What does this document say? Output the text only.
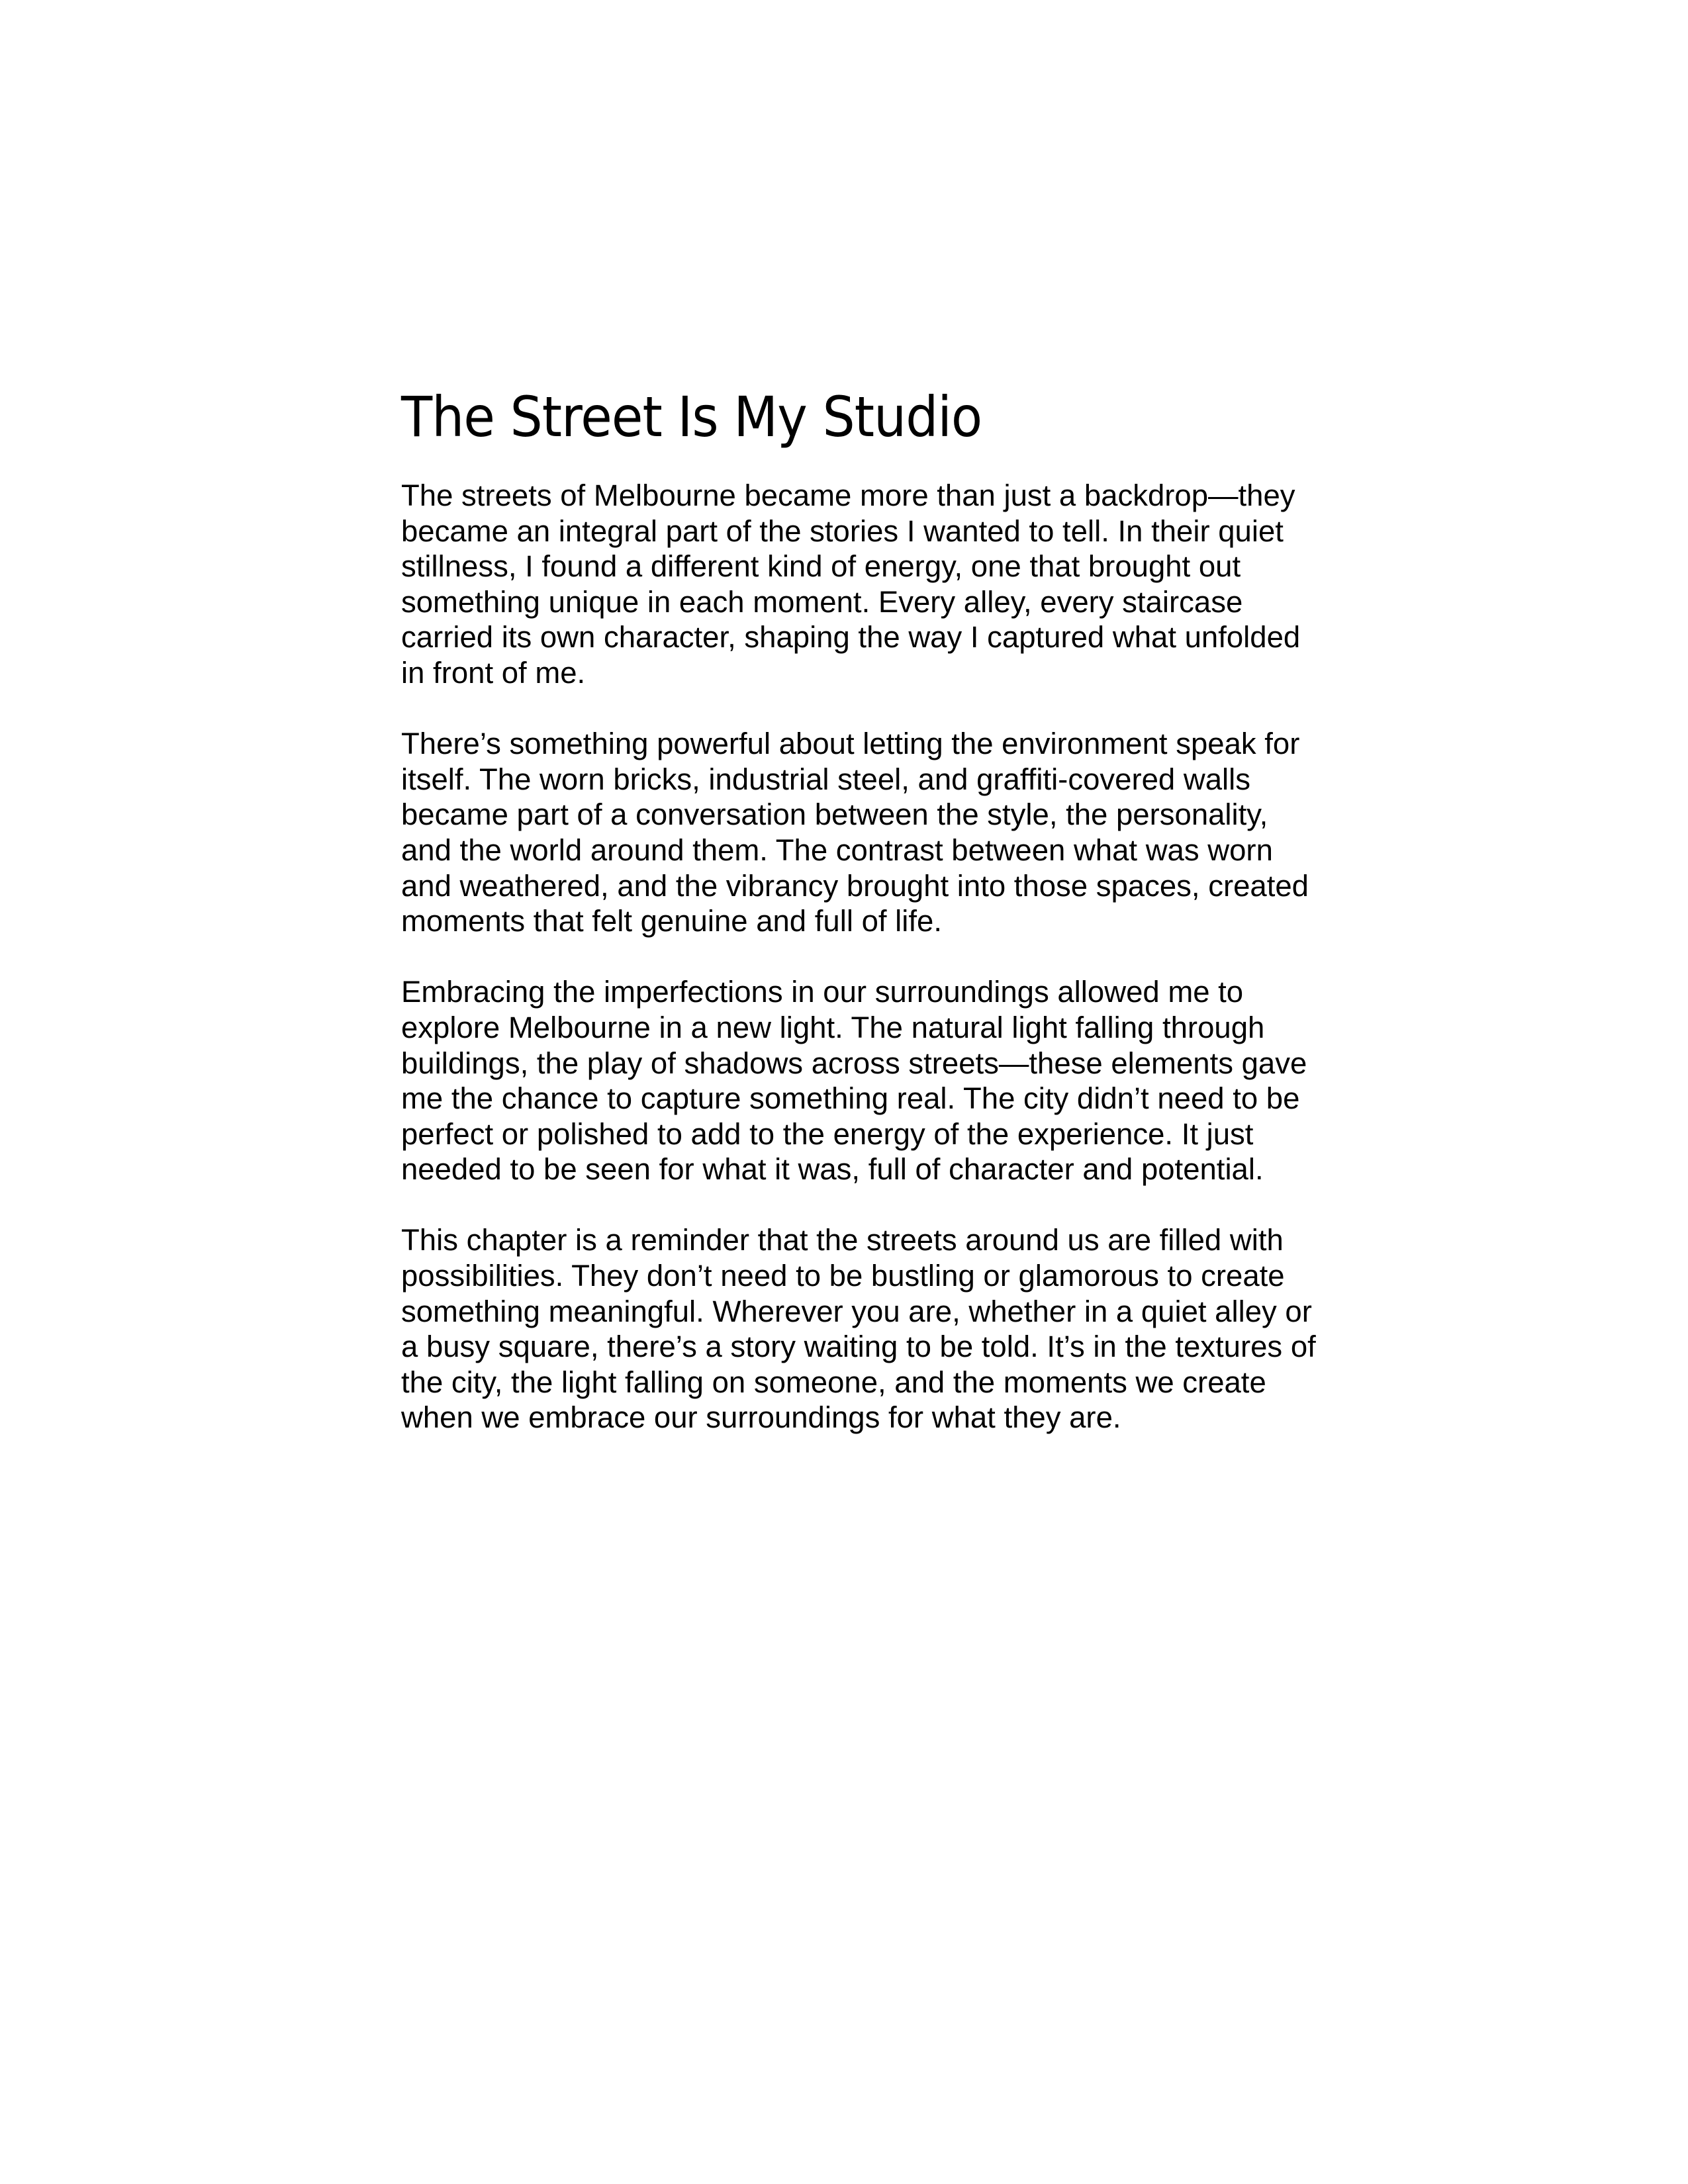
The Street Is My Studio

The streets of Melbourne became more than just a backdrop—they
became an integral part of the stories I wanted to tell. In their quiet
stillness, I found a different kind of energy, one that brought out
something unique in each moment. Every alley, every staircase
carried its own character, shaping the way I captured what unfolded
in front of me.

There’s something powerful about letting the environment speak for
itself. The worn bricks, industrial steel, and graffiti-covered walls
became part of a conversation between the style, the personality,
and the world around them. The contrast between what was worn
and weathered, and the vibrancy brought into those spaces, created
moments that felt genuine and full of life.

Embracing the imperfections in our surroundings allowed me to
explore Melbourne in a new light. The natural light falling through
buildings, the play of shadows across streets—these elements gave
me the chance to capture something real. The city didn’t need to be
perfect or polished to add to the energy of the experience. It just
needed to be seen for what it was, full of character and potential.

This chapter is a reminder that the streets around us are filled with
possibilities. They don’t need to be bustling or glamorous to create
something meaningful. Wherever you are, whether in a quiet alley or
a busy square, there’s a story waiting to be told. It’s in the textures of
the city, the light falling on someone, and the moments we create
when we embrace our surroundings for what they are.
